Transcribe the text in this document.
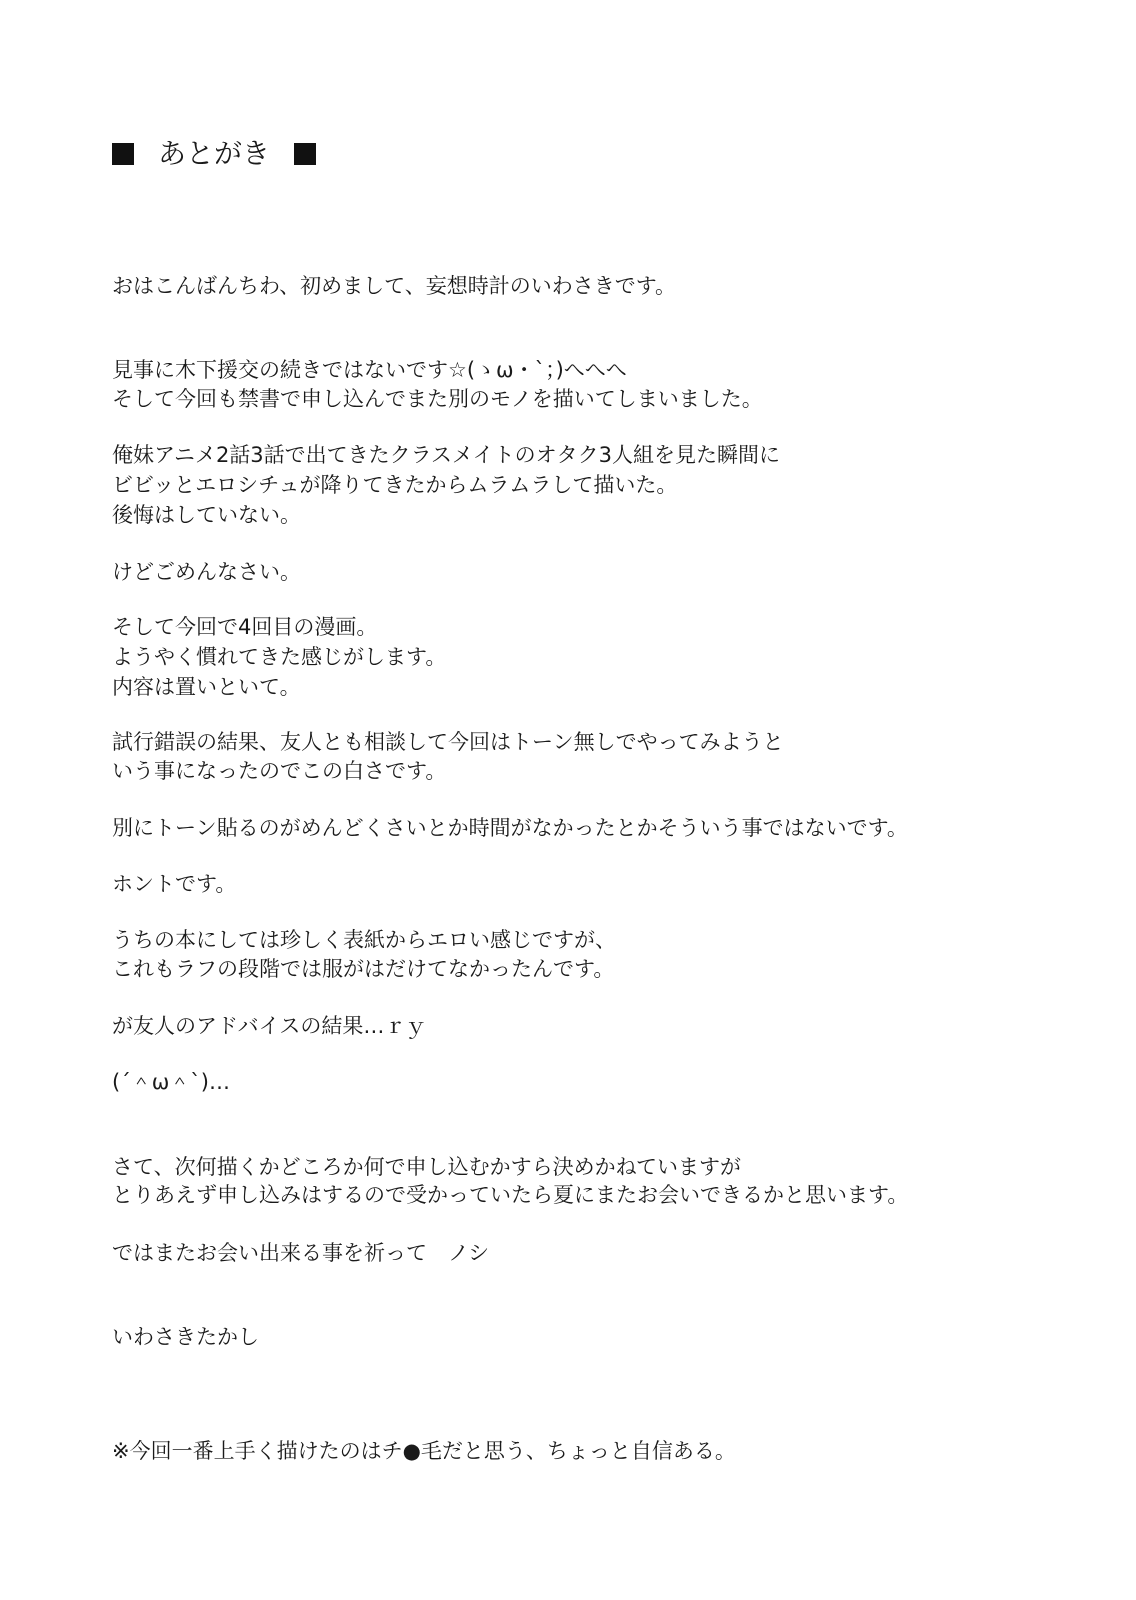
あとがき
おはこんばんちわ、初めまして、妄想時計のいわさきです。
見事に木下援交の続きではないです☆(ゝω・`；)へへへ
そして今回も禁書で申し込んでまた別のモノを描いてしまいました。
俺妹アニメ2話3話で出てきたクラスメイトのオタク3人組を見た瞬間に
ビビッとエロシチュが降りてきたからムラムラして描いた。
後悔はしていない。
けどごめんなさい。
そして今回で4回目の漫画。
ようやく慣れてきた感じがします。
内容は置いといて。
試行錯誤の結果、友人とも相談して今回はトーン無しでやってみようと
いう事になったのでこの白さです。
別にトーン貼るのがめんどくさいとか時間がなかったとかそういう事ではないです。
ホントです。
うちの本にしては珍しく表紙からエロい感じですが、
これもラフの段階では服がはだけてなかったんです。
が友人のアドバイスの結果…ｒｙ
(´＾ω＾`)…
さて、次何描くかどころか何で申し込むかすら決めかねていますが
とりあえず申し込みはするので受かっていたら夏にまたお会いできるかと思います。
ではまたお会い出来る事を祈って　ノシ
いわさきたかし
※今回一番上手く描けたのはチ●毛だと思う、ちょっと自信ある。
